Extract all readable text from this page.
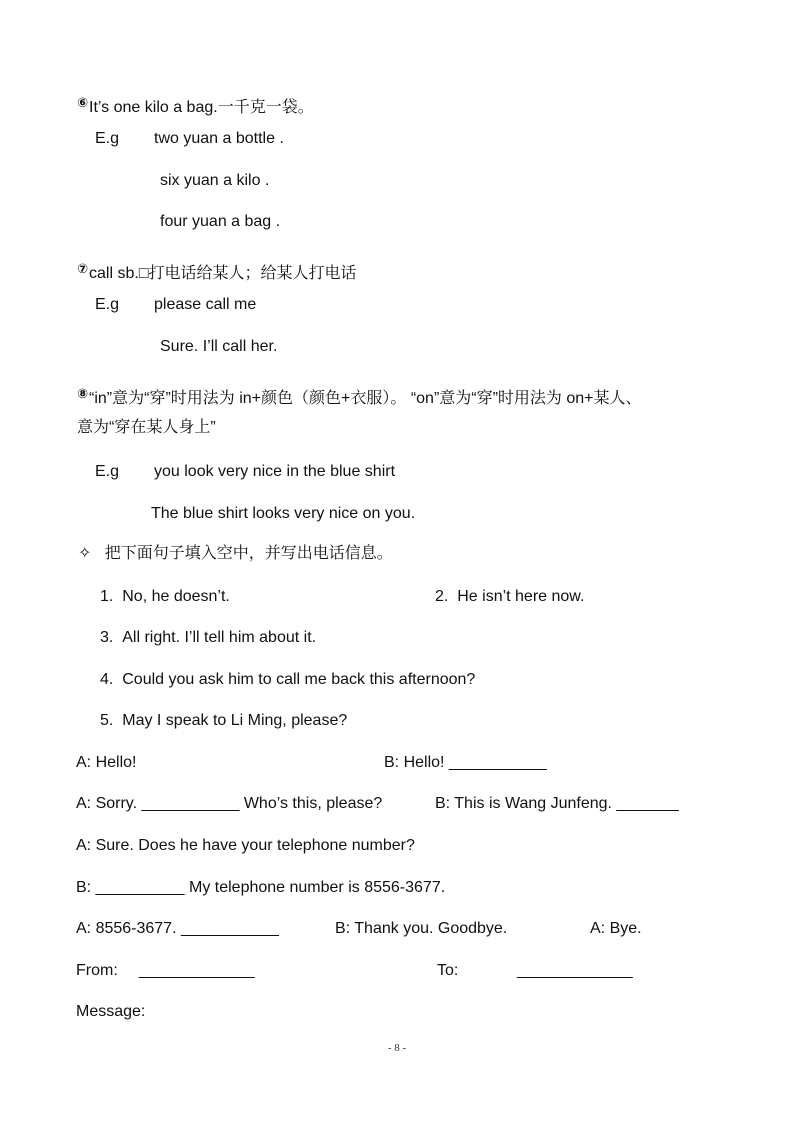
⑥It’s one kilo a bag.一千克一袋。
E.g two yuan a bottle .
six yuan a kilo .
four yuan a bag .
⑦call sb.□打电话给某人；给某人打电话
E.g please call me
Sure. I’ll call her.
⑧“in”意为“穿”时用法为 in+颜色（颜色+衣服）。 “on”意为“穿”时用法为 on+某人、
意为“穿在某人身上”
E.g you look very nice in the blue shirt
The blue shirt looks very nice on you.
✧ 把下面句子填入空中，并写出电话信息。
1. No, he doesn’t.	2. He isn’t here now.
3. All right. I’ll tell him about it.
4. Could you ask him to call me back this afternoon?
5. May I speak to Li Ming, please?
A: Hello!	B: Hello! ___________
A: Sorry. ___________ Who’s this, please?	B: This is Wang Junfeng. _______
A: Sure. Does he have your telephone number?
B: __________ My telephone number is 8556-3677.
A: 8556-3677. ___________	B: Thank you. Goodbye.	A: Bye.
From: _____________	To:	_____________
Message:
- 8 -
